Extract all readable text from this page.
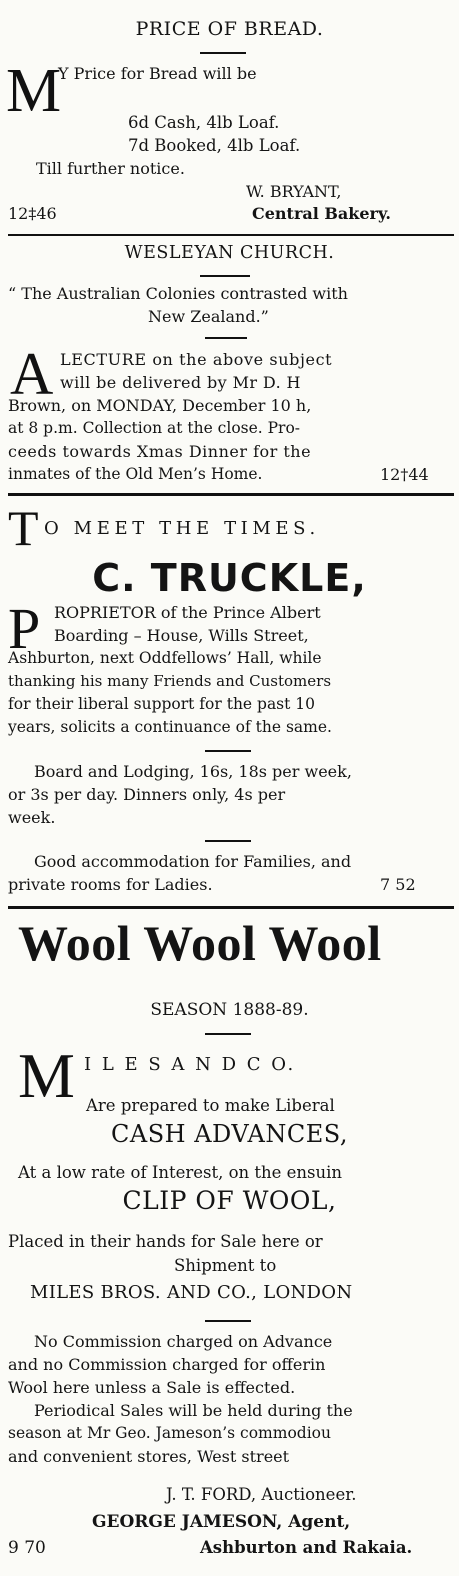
PRICE OF BREAD.
M
Y Price for Bread will be
6d Cash, 4lb Loaf.
7d Booked, 4lb Loaf.
Till further notice.
W. BRYANT,
12‡46	Central Bakery.
WESLEYAN CHURCH.
“ The Australian Colonies contrasted with
New Zealand.”
A LECTURE on the above subject
will be delivered by Mr D. H
Brown, on MONDAY, December 10 h,
at 8 p.m. Collection at the close. Pro-
ceeds towards Xmas Dinner for the
inmates of the Old Men’s Home.	12†44
T O MEET THE TIMES.
C. TRUCKLE,
P ROPRIETOR of the Prince Albert
Boarding – House, Wills Street,
Ashburton, next Oddfellows’ Hall, while
thanking his many Friends and Customers
for their liberal support for the past 10
years, solicits a continuance of the same.
Board and Lodging, 16s, 18s per week,
or 3s per day. Dinners only, 4s per
week.
Good accommodation for Families, and
private rooms for Ladies.	7 52
Wool Wool Wool
SEASON 1888-89.
M I L E S A N D C O.
Are prepared to make Liberal
CASH ADVANCES,
At a low rate of Interest, on the ensuin
CLIP OF WOOL,
Placed in their hands for Sale here or
Shipment to
MILES BROS. AND CO., LONDON
No Commission charged on Advance
and no Commission charged for offerin
Wool here unless a Sale is effected.
Periodical Sales will be held during the
season at Mr Geo. Jameson’s commodiou
and convenient stores, West street
J. T. FORD, Auctioneer.
GEORGE JAMESON, Agent,
9 70	Ashburton and Rakaia.
